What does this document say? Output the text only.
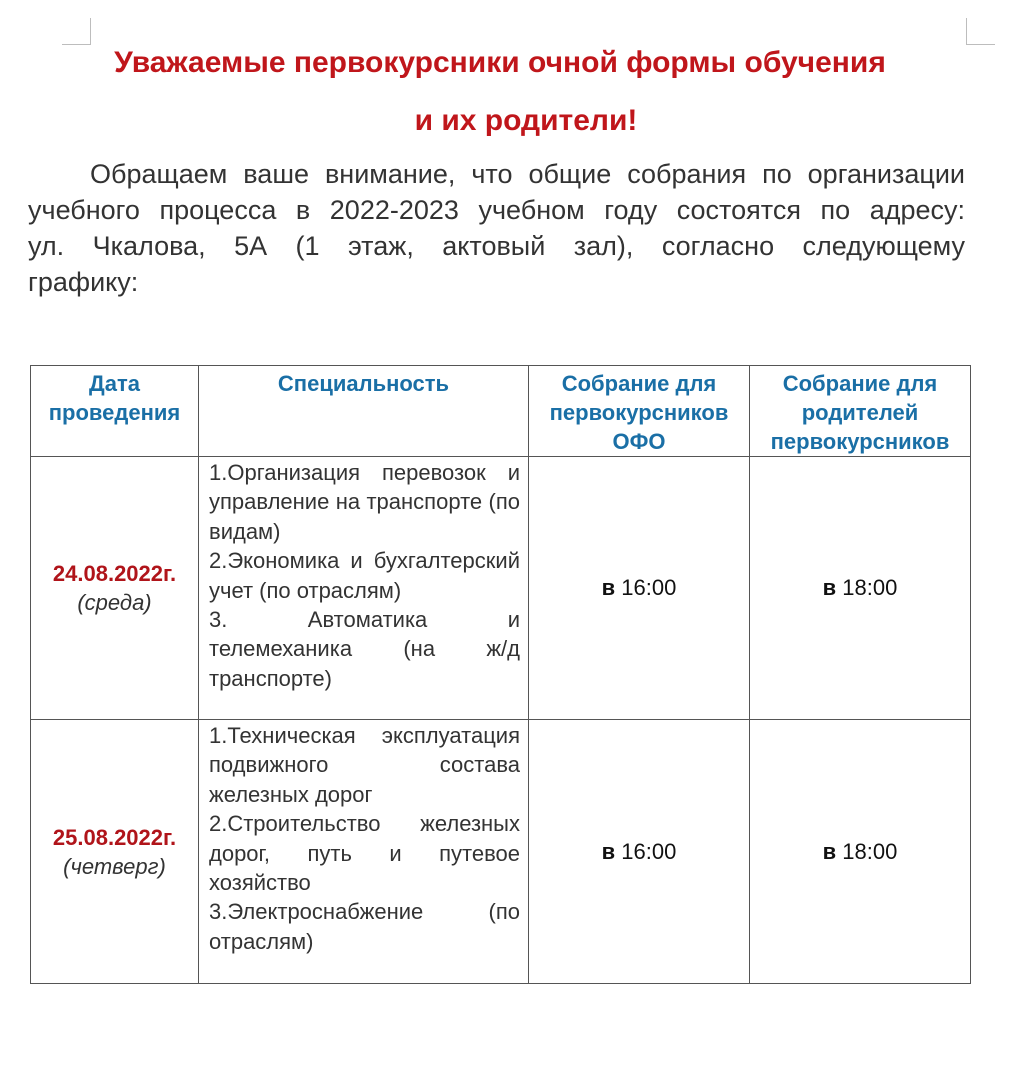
Уважаемые первокурсники очной формы обучения
и их родители!

Обращаем ваше внимание, что общие собрания по организации учебного процесса в 2022-2023 учебном году состоятся по адресу: ул. Чкалова, 5А (1 этаж, актовый зал), согласно следующему графику:

Дата проведения	Специальность	Собрание для первокурсников ОФО	Собрание для родителей первокурсников

24.08.2022г.
(среда)	1.Организация перевозок и управление на транспорте (по видам)
2.Экономика и бухгалтерский учет (по отраслям)
3. Автоматика и телемеханика (на ж/д транспорте)	в 16:00	в 18:00

25.08.2022г.
(четверг)	1.Техническая эксплуатация подвижного состава железных дорог
2.Строительство железных дорог, путь и путевое хозяйство
3.Электроснабжение (по отраслям)	в 16:00	в 18:00
